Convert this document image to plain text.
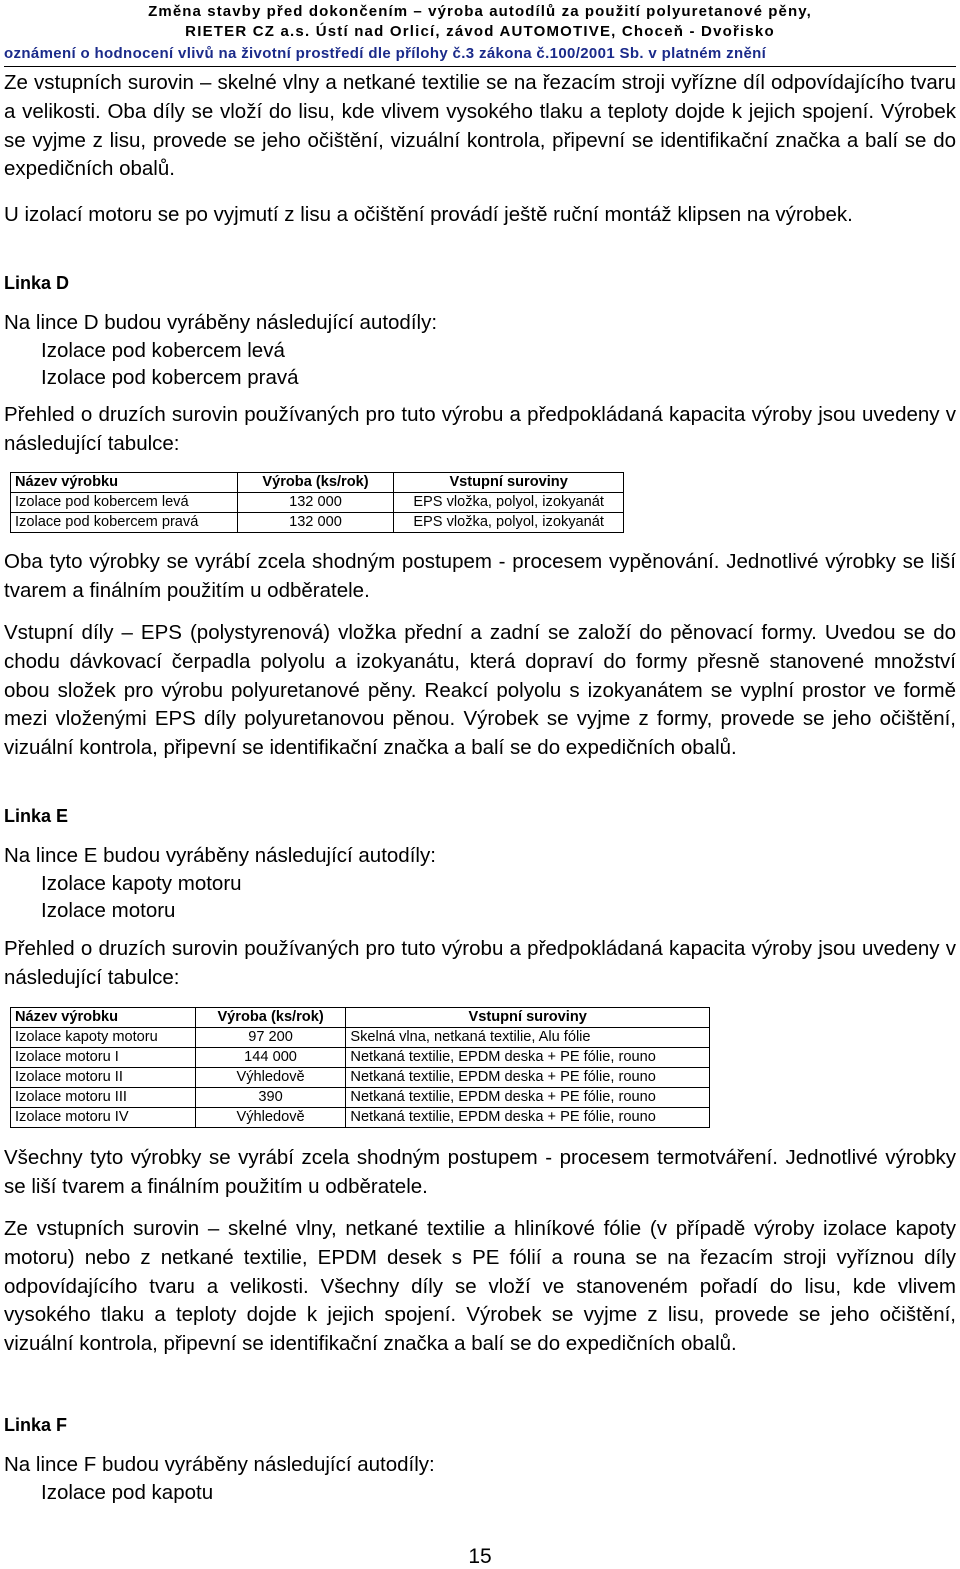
Změna stavby před dokončením – výroba autodílů za použití polyuretanové pěny,
RIETER CZ a.s. Ústí nad Orlicí, závod AUTOMOTIVE, Choceň - Dvořisko
oznámení o hodnocení vlivů na životní prostředí dle přílohy č.3 zákona č.100/2001 Sb. v platném znění

Ze vstupních surovin – skelné vlny a netkané textilie se na řezacím stroji vyřízne díl odpovídajícího tvaru a velikosti. Oba díly se vloží do lisu, kde vlivem vysokého tlaku a teploty dojde k jejich spojení. Výrobek se vyjme z lisu, provede se jeho očištění, vizuální kontrola, připevní se identifikační značka a balí se do expedičních obalů.

U izolací motoru se po vyjmutí z lisu a očištění provádí ještě ruční montáž klipsen na výrobek.

Linka D

Na lince D budou vyráběny následující autodíly:

Izolace pod kobercem levá
Izolace pod kobercem pravá

Přehled o druzích surovin používaných pro tuto výrobu a předpokládaná kapacita výroby jsou uvedeny v následující tabulce:

Název výrobku	Výroba (ks/rok)	Vstupní suroviny
Izolace pod kobercem levá	132 000	EPS vložka, polyol, izokyanát
Izolace pod kobercem pravá	132 000	EPS vložka, polyol, izokyanát

Oba tyto výrobky se vyrábí zcela shodným postupem - procesem vypěnování. Jednotlivé výrobky se liší tvarem a finálním použitím u odběratele.

Vstupní díly – EPS (polystyrenová) vložka přední a zadní se založí do pěnovací formy. Uvedou se do chodu dávkovací čerpadla polyolu a izokyanátu, která dopraví do formy přesně stanovené množství obou složek pro výrobu polyuretanové pěny. Reakcí polyolu s izokyanátem se vyplní prostor ve formě mezi vloženými EPS díly polyuretanovou pěnou. Výrobek se vyjme z formy, provede se jeho očištění, vizuální kontrola, připevní se identifikační značka a balí se do expedičních obalů.

Linka E

Na lince E budou vyráběny následující autodíly:

Izolace kapoty motoru
Izolace motoru

Přehled o druzích surovin používaných pro tuto výrobu a předpokládaná kapacita výroby jsou uvedeny v následující tabulce:

Název výrobku	Výroba (ks/rok)	Vstupní suroviny
Izolace kapoty motoru	97 200	Skelná vlna, netkaná textilie, Alu fólie
Izolace motoru I	144 000	Netkaná textilie, EPDM deska + PE fólie, rouno
Izolace motoru II	Výhledově	Netkaná textilie, EPDM deska + PE fólie, rouno
Izolace motoru III	390	Netkaná textilie, EPDM deska + PE fólie, rouno
Izolace motoru IV	Výhledově	Netkaná textilie, EPDM deska + PE fólie, rouno

Všechny tyto výrobky se vyrábí zcela shodným postupem - procesem termotváření. Jednotlivé výrobky se liší tvarem a finálním použitím u odběratele.

Ze vstupních surovin – skelné vlny, netkané textilie a hliníkové fólie (v případě výroby izolace kapoty motoru) nebo z netkané textilie, EPDM desek s PE fólií a rouna se na řezacím stroji vyříznou díly odpovídajícího tvaru a velikosti. Všechny díly se vloží ve stanoveném pořadí do lisu, kde vlivem vysokého tlaku a teploty dojde k jejich spojení. Výrobek se vyjme z lisu, provede se jeho očištění, vizuální kontrola, připevní se identifikační značka a balí se do expedičních obalů.

Linka F

Na lince F budou vyráběny následující autodíly:

Izolace pod kapotu
15
